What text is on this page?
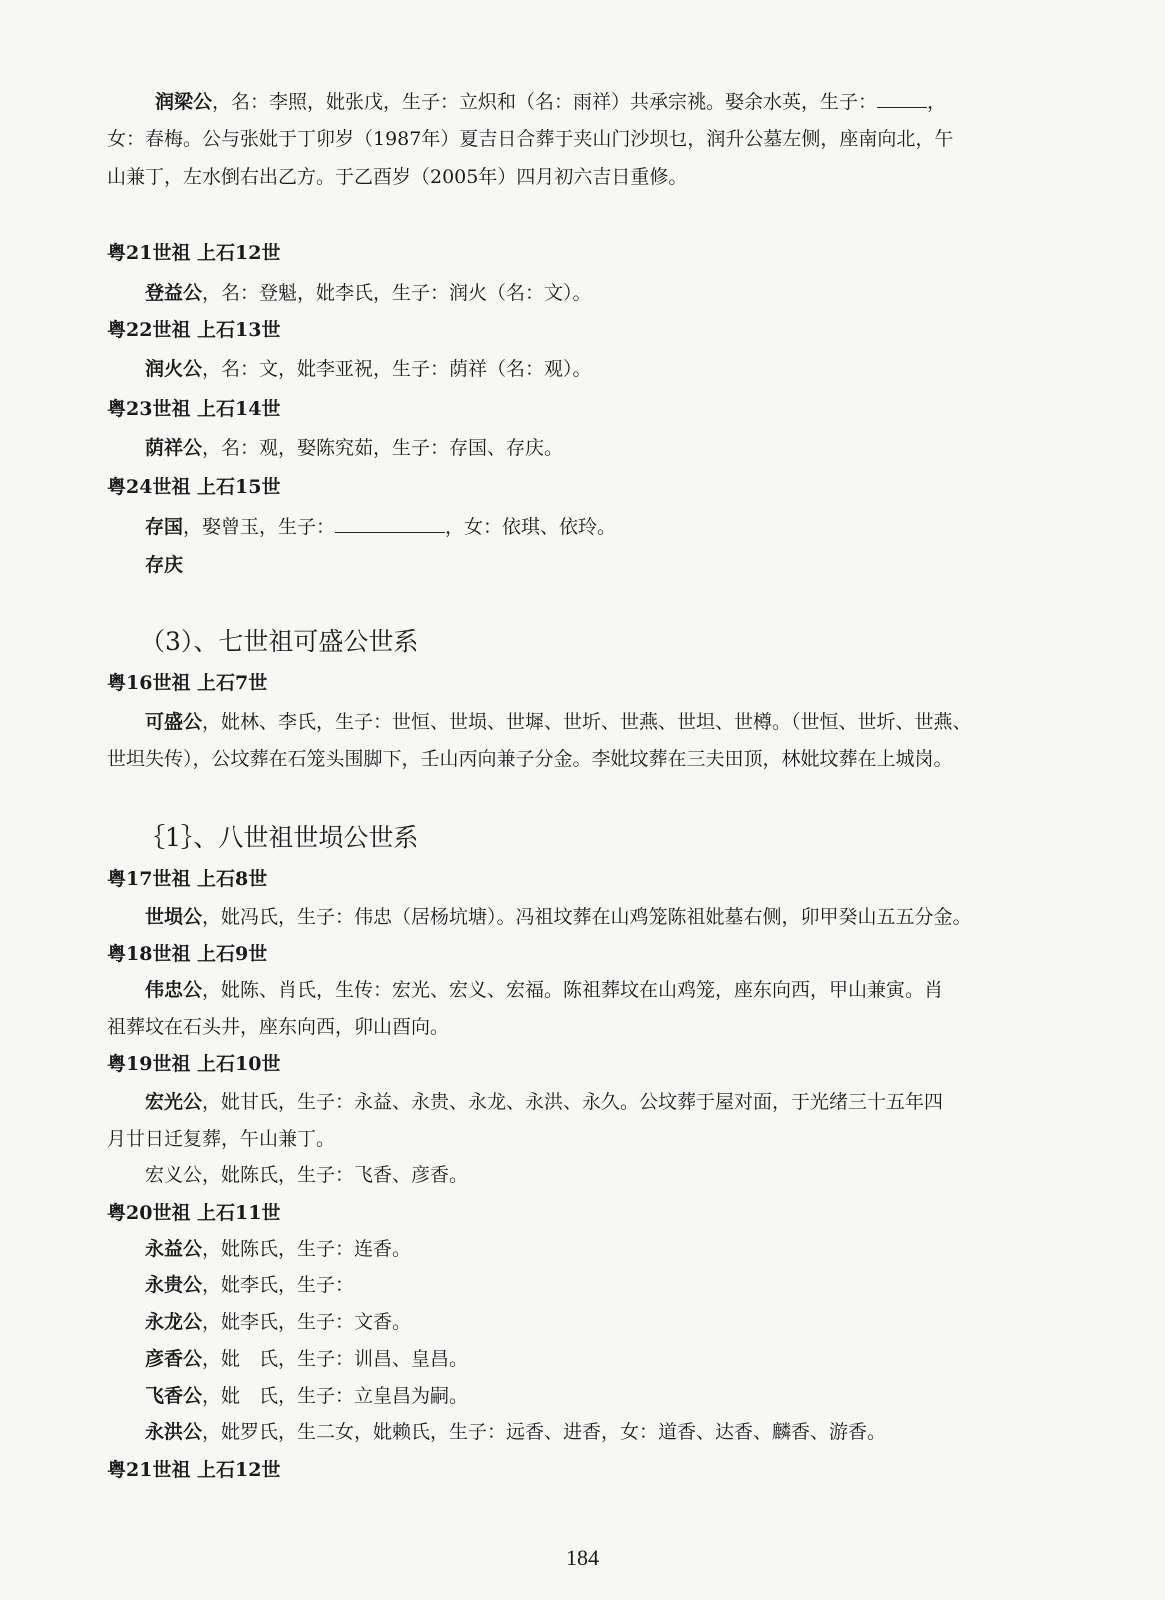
润梁公，名：李照，妣张戊，生子：立炽和（名：雨祥）共承宗祧。娶余水英，生子：	，
女：春梅。公与张妣于丁卯岁（1987年）夏吉日合葬于夹山门沙坝乜，润升公墓左侧，座南向北，午
山兼丁，左水倒右出乙方。于乙酉岁（2005年）四月初六吉日重修。
粤21世祖 上石12世
登益公，名：登魁，妣李氏，生子：润火（名：文）。
粤22世祖 上石13世
润火公，名：文，妣李亚祝，生子：荫祥（名：观）。
粤23世祖 上石14世
荫祥公，名：观，娶陈究茹，生子：存国、存庆。
粤24世祖 上石15世
存国，娶曾玉，生子：	，女：依琪、依玲。
存庆
（3）、七世祖可盛公世系
粤16世祖 上石7世
可盛公，妣林、李氏，生子：世恒、世埙、世墀、世圻、世燕、世坦、世樽。（世恒、世圻、世燕、
世坦失传），公坟葬在石笼头围脚下，壬山丙向兼子分金。李妣坟葬在三夫田顶，林妣坟葬在上城岗。
｛1｝、八世祖世埙公世系
粤17世祖 上石8世
世埙公，妣冯氏，生子：伟忠（居杨坑塘）。冯祖坟葬在山鸡笼陈祖妣墓右侧，卯甲癸山五五分金。
粤18世祖 上石9世
伟忠公，妣陈、肖氏，生传：宏光、宏义、宏福。陈祖葬坟在山鸡笼，座东向西，甲山兼寅。肖
祖葬坟在石头井，座东向西，卯山酉向。
粤19世祖 上石10世
宏光公，妣甘氏，生子：永益、永贵、永龙、永洪、永久。公坟葬于屋对面，于光绪三十五年四
月廿日迁复葬，午山兼丁。
宏义公，妣陈氏，生子：飞香、彦香。
粤20世祖 上石11世
永益公，妣陈氏，生子：连香。
永贵公，妣李氏，生子：
永龙公，妣李氏，生子：文香。
彦香公，妣　氏，生子：训昌、皇昌。
飞香公，妣　氏，生子：立皇昌为嗣。
永洪公，妣罗氏，生二女，妣赖氏，生子：远香、进香，女：道香、达香、麟香、游香。
粤21世祖 上石12世
184
